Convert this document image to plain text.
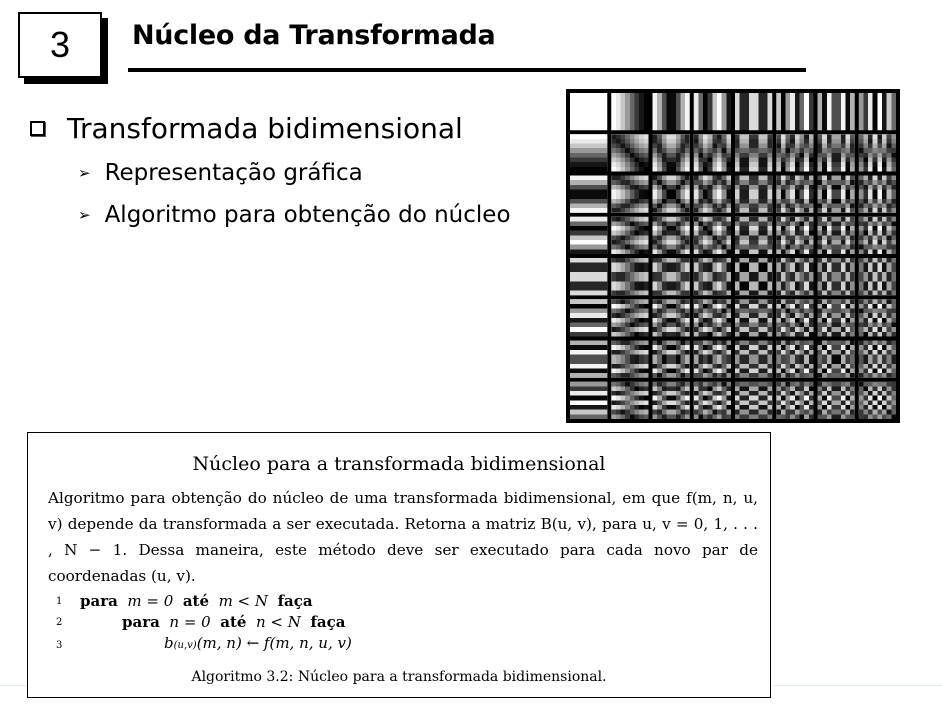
3 Núcleo da Transformada
Transformada bidimensional
➢ Representação gráfica
➢ Algoritmo para obtenção do núcleo
Núcleo para a transformada bidimensional
Algoritmo para obtenção do núcleo de uma transformada bidimensional, em que f(m, n, u, v) depende da transformada a ser executada. Retorna a matriz B(u, v), para u, v = 0, 1, . . . , N − 1. Dessa maneira, este método deve ser executado para cada novo par de coordenadas (u, v).
1 para
m = 0
até
m < N
faça
2	para
n = 0
até
n < N
faça
3	b (u,v) (m, n) ← f(m, n, u, v)
Algoritmo 3.2: Núcleo para a transformada bidimensional.
